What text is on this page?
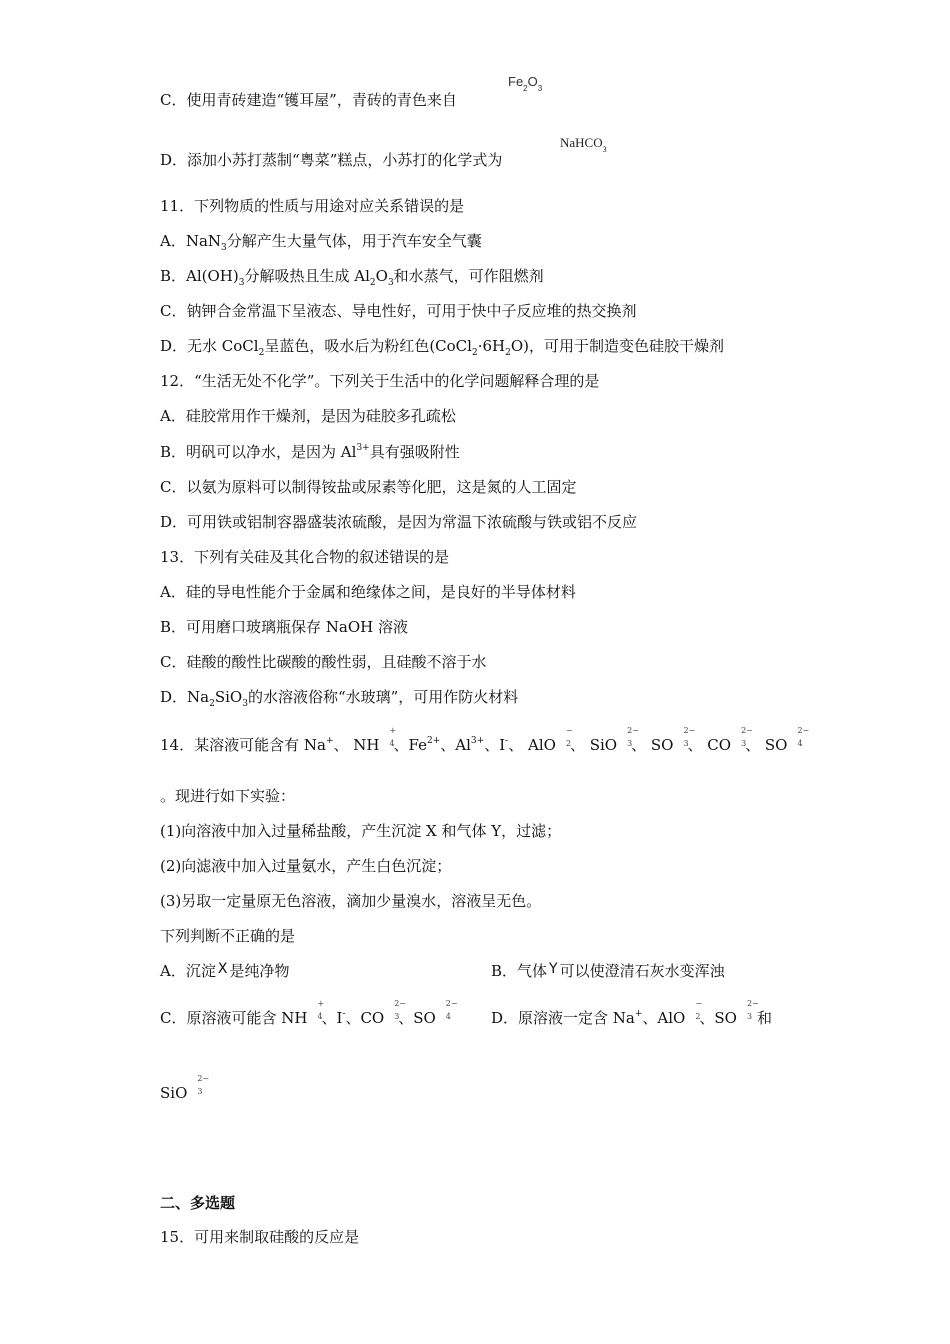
C．使用青砖建造“镬耳屋”，青砖的青色来自
$Fe_2O_3$
D．添加小苏打蒸制“粤菜”糕点，小苏打的化学式为
NaHCO$_3$
11．下列物质的性质与用途对应关系错误的是
A．NaN$_3$分解产生大量气体，用于汽车安全气囊
B．$Al(OH)_3$分解吸热且生成 $Al_2O_3$和水蒸气，可作阻燃剂
C．钠钾合金常温下呈液态、导电性好，可用于快中子反应堆的热交换剂
D．无水 CoCl$_2$呈蓝色，吸水后为粉红色$(CoCl_2\cdot 6H_2O)$，可用于制造变色硅胶干燥剂
12．“生活无处不化学”。下列关于生活中的化学问题解释合理的是
A．硅胶常用作干燥剂，是因为硅胶多孔疏松
B．明矾可以净水，是因为 $Al^{3+}$具有强吸附性
C．以氨为原料可以制得铵盐或尿素等化肥，这是氮的人工固定
D．可用铁或铝制容器盛装浓硫酸，是因为常温下浓硫酸与铁或铝不反应
13．下列有关硅及其化合物的叙述错误的是
A．硅的导电性能介于金属和绝缘体之间，是良好的半导体材料
B．可用磨口玻璃瓶保存 NaOH 溶液
C．硅酸的酸性比碳酸的酸性弱，且硅酸不溶于水
D．$Na_2SiO_3$的水溶液俗称“水玻璃”，可用作防火材料
14．某溶液可能含有 Na+、 NH
+
4
、$Fe^{2+}$、$Al^{3+}$、I-、 AlO
−
2
、 SiO
2−
3
、 SO
2−
3
、 CO
2−
3
、 SO
2−
4
。现进行如下实验：
(1)向溶液中加入过量稀盐酸，产生沉淀 X 和气体 Y，过滤；
(2)向滤液中加入过量氨水，产生白色沉淀；
(3)另取一定量原无色溶液，滴加少量溴水，溶液呈无色。
下列判断不正确的是
A．沉淀 X 是纯净物	B．气体 Y 可以使澄清石灰水变浑浊
C．原溶液可能含 NH
+
4
、I-、CO
2−
3
、SO
2−
4	D．原溶液一定含 Na+、AlO
−
2
、SO
2−
3 和
SiO
2−
3
二、多选题
15．可用来制取硅酸的反应是
